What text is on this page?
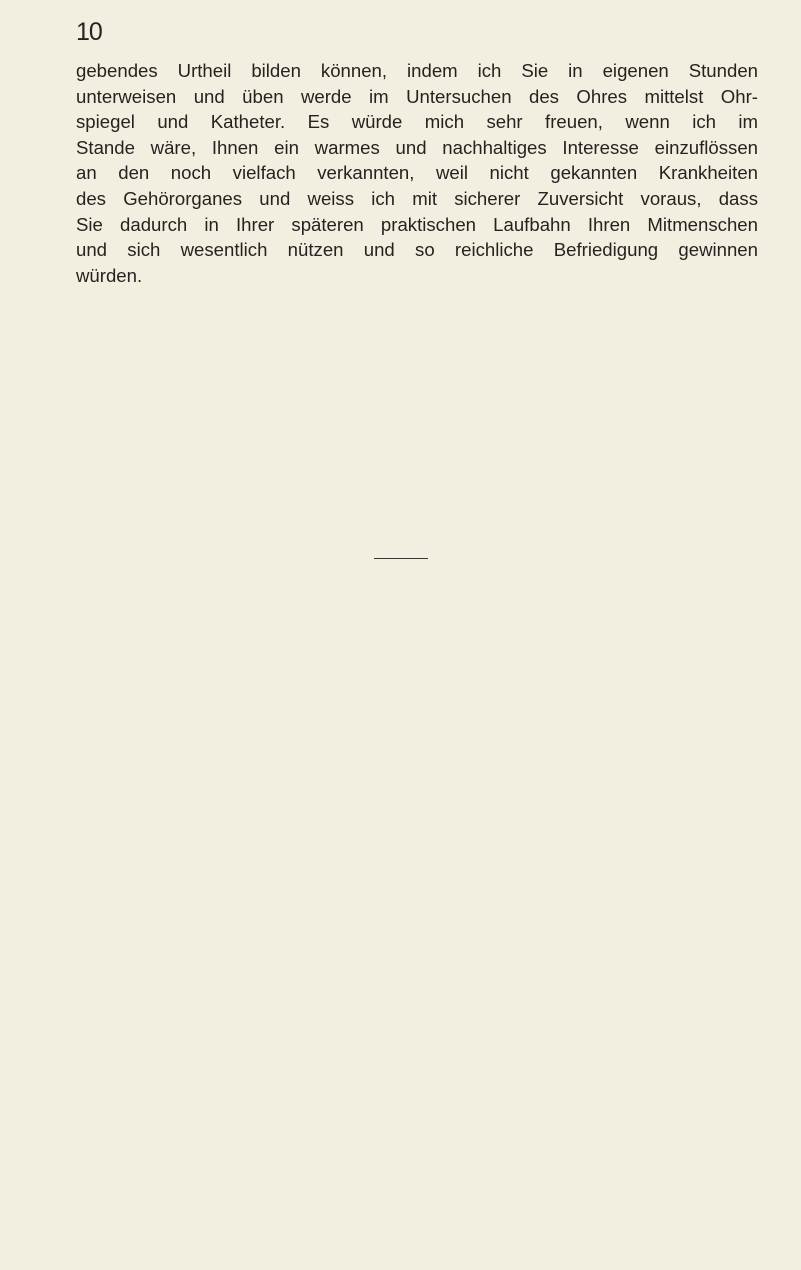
10
gebendes Urtheil bilden können, indem ich Sie in eigenen Stunden
unterweisen und üben werde im Untersuchen des Ohres mittelst Ohr-
spiegel und Katheter. Es würde mich sehr freuen, wenn ich im
Stande wäre, Ihnen ein warmes und nachhaltiges Interesse einzuflössen
an den noch vielfach verkannten, weil nicht gekannten Krankheiten
des Gehörorganes und weiss ich mit sicherer Zuversicht voraus, dass
Sie dadurch in Ihrer späteren praktischen Laufbahn Ihren Mitmenschen
und sich wesentlich nützen und so reichliche Befriedigung gewinnen
würden.
